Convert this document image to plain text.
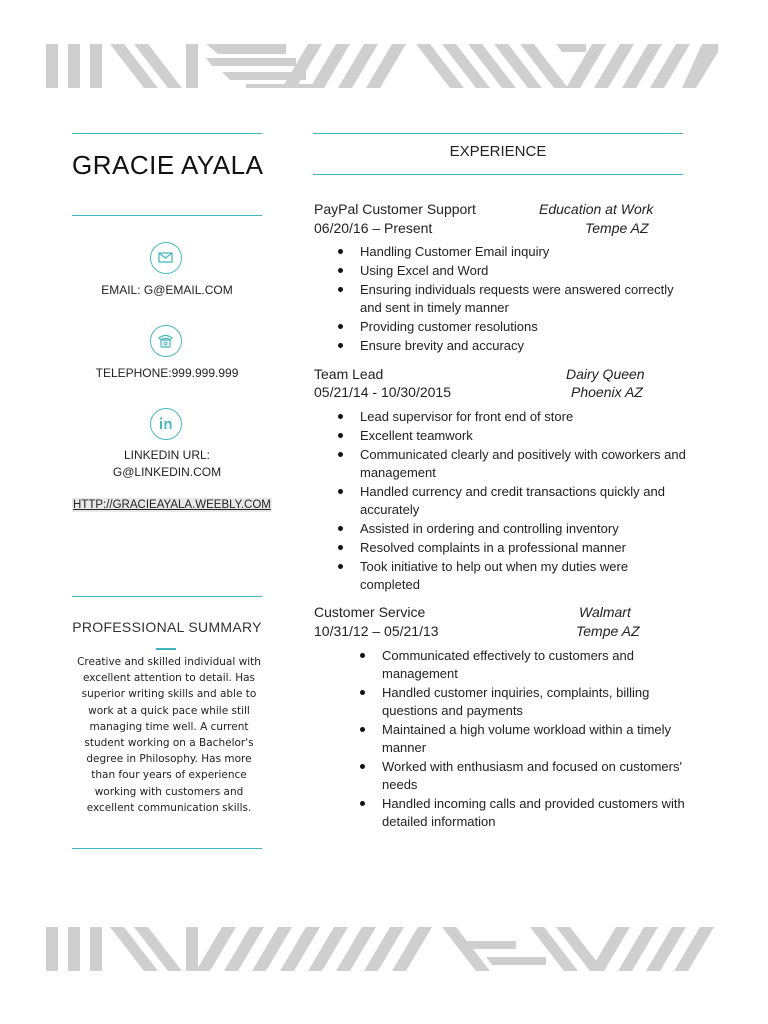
GRACIE AYALA
EMAIL: G@EMAIL.COM
TELEPHONE:999.999.999
LINKEDIN URL:
G@LINKEDIN.COM
HTTP://GRACIEAYALA.WEEBLY.COM
PROFESSIONAL SUMMARY
Creative and skilled individual with excellent attention to detail. Has superior writing skills and able to work at a quick pace while still managing time well. A current student working on a Bachelor's degree in Philosophy. Has more than four years of experience working with customers and excellent communication skills.
EXPERIENCE
PayPal Customer Support	Education at Work
06/20/16 – Present	Tempe AZ
Handling Customer Email inquiry
Using Excel and Word
Ensuring individuals requests were answered correctly and sent in timely manner
Providing customer resolutions
Ensure brevity and accuracy
Team Lead	Dairy Queen
05/21/14 - 10/30/2015	Phoenix AZ
Lead supervisor for front end of store
Excellent teamwork
Communicated clearly and positively with coworkers and management
Handled currency and credit transactions quickly and accurately
Assisted in ordering and controlling inventory
Resolved complaints in a professional manner
Took initiative to help out when my duties were completed
Customer Service	Walmart
10/31/12 – 05/21/13	Tempe AZ
Communicated effectively to customers and management
Handled customer inquiries, complaints, billing questions and payments
Maintained a high volume workload within a timely manner
Worked with enthusiasm and focused on customers' needs
Handled incoming calls and provided customers with detailed information
